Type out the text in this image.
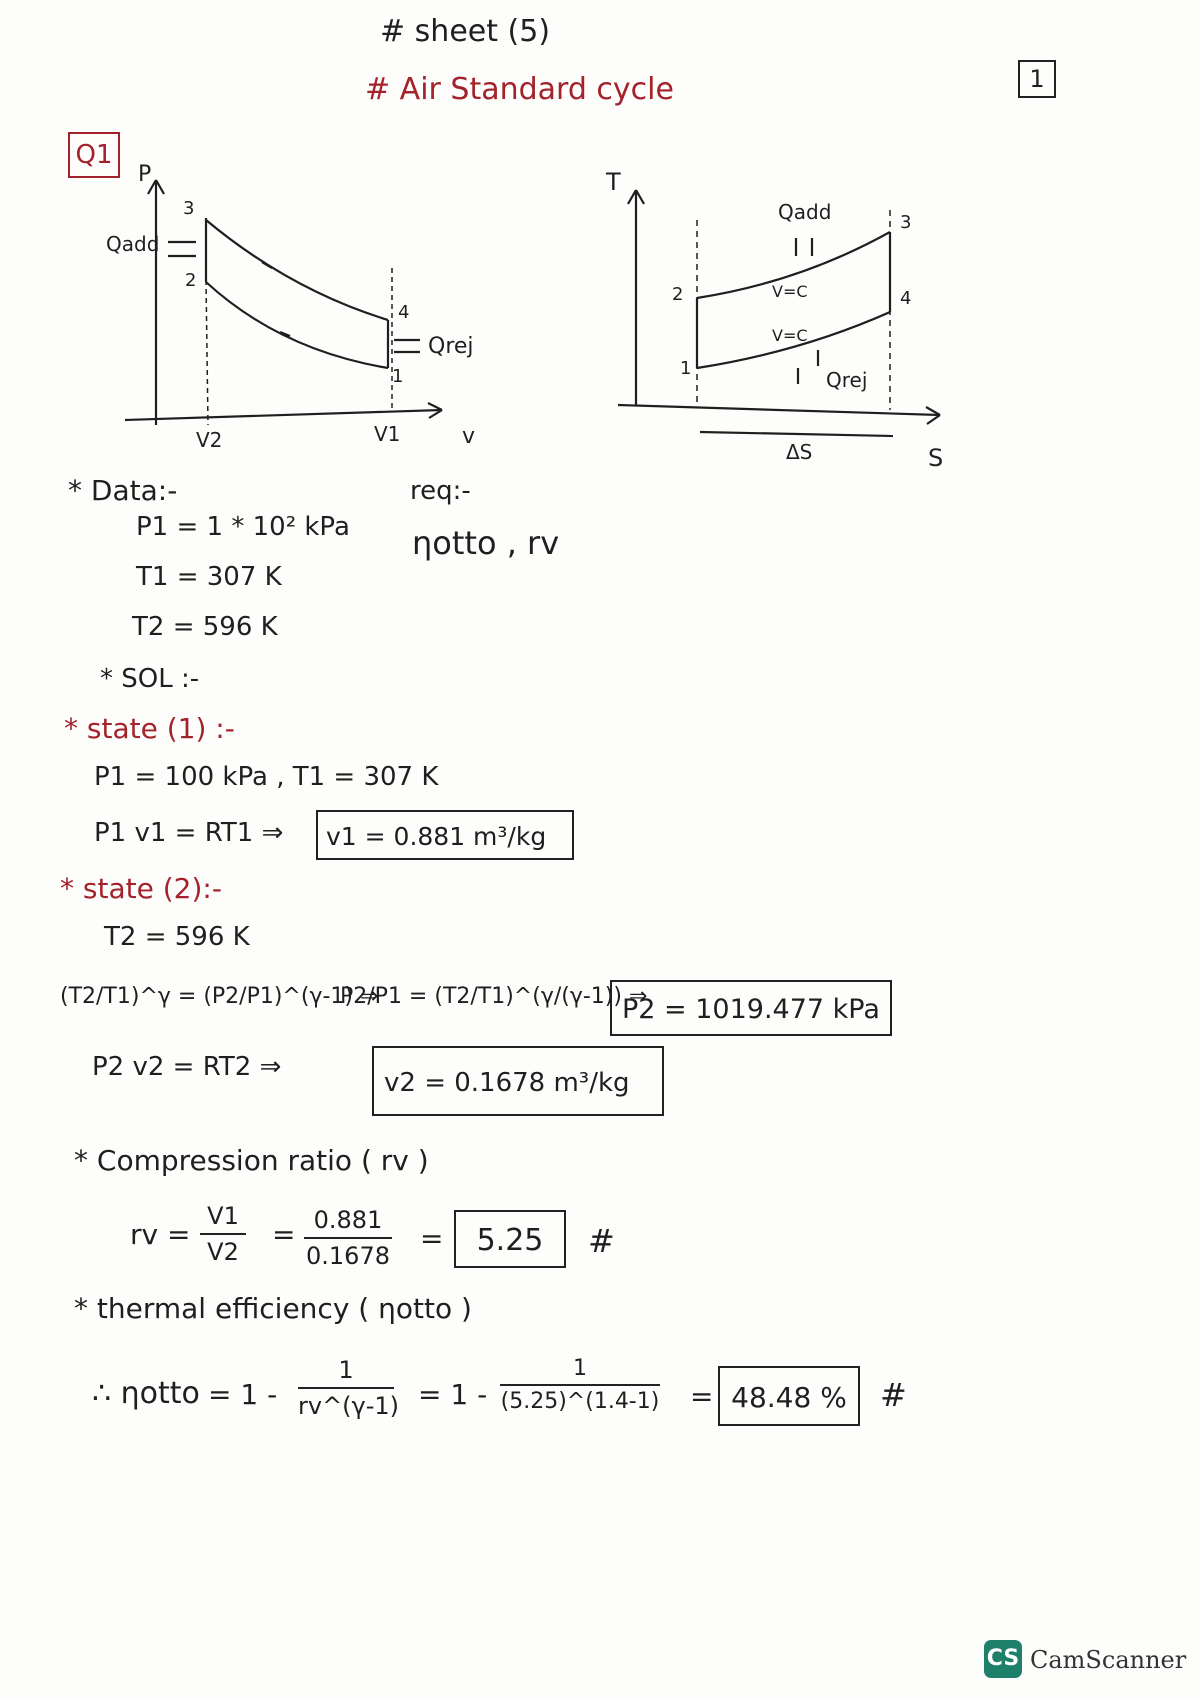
# sheet (5)
# Air Standard cycle	1
Q1
P
3
2
4
1
Qadd
Qrej
V2	V1	v
T
Qadd	3
2	4
1
V=C
V=C
Qrej
ΔS	S
* Data:-
P1 = 1 * 10² kPa
T1 = 307 K
T2 = 596 K
req:-
ηotto , rv
* SOL :-
* state (1) :-
P1 = 100 kPa , T1 = 307 K
P1 v1 = RT1 ⇒	v1 = 0.881 m³/kg
* state (2):-
T2 = 596 K
(T2/T1)^γ = (P2/P1)^(γ-1) ⇒
P2/P1 = (T2/T1)^(γ/(γ-1)) ⇒
P2 = 1019.477 kPa
P2 v2 = RT2 ⇒
v2 = 0.1678 m³/kg
* Compression ratio ( rv )
rv =
V1
V2
= 0.881
0.1678
=	5.25	#
* thermal efficiency ( ηotto )
∴ ηotto = 1 -
1
rv^(γ-1) = 1 -
1
(5.25)^(1.4-1) = 48.48 %	#
CS CamScanner
